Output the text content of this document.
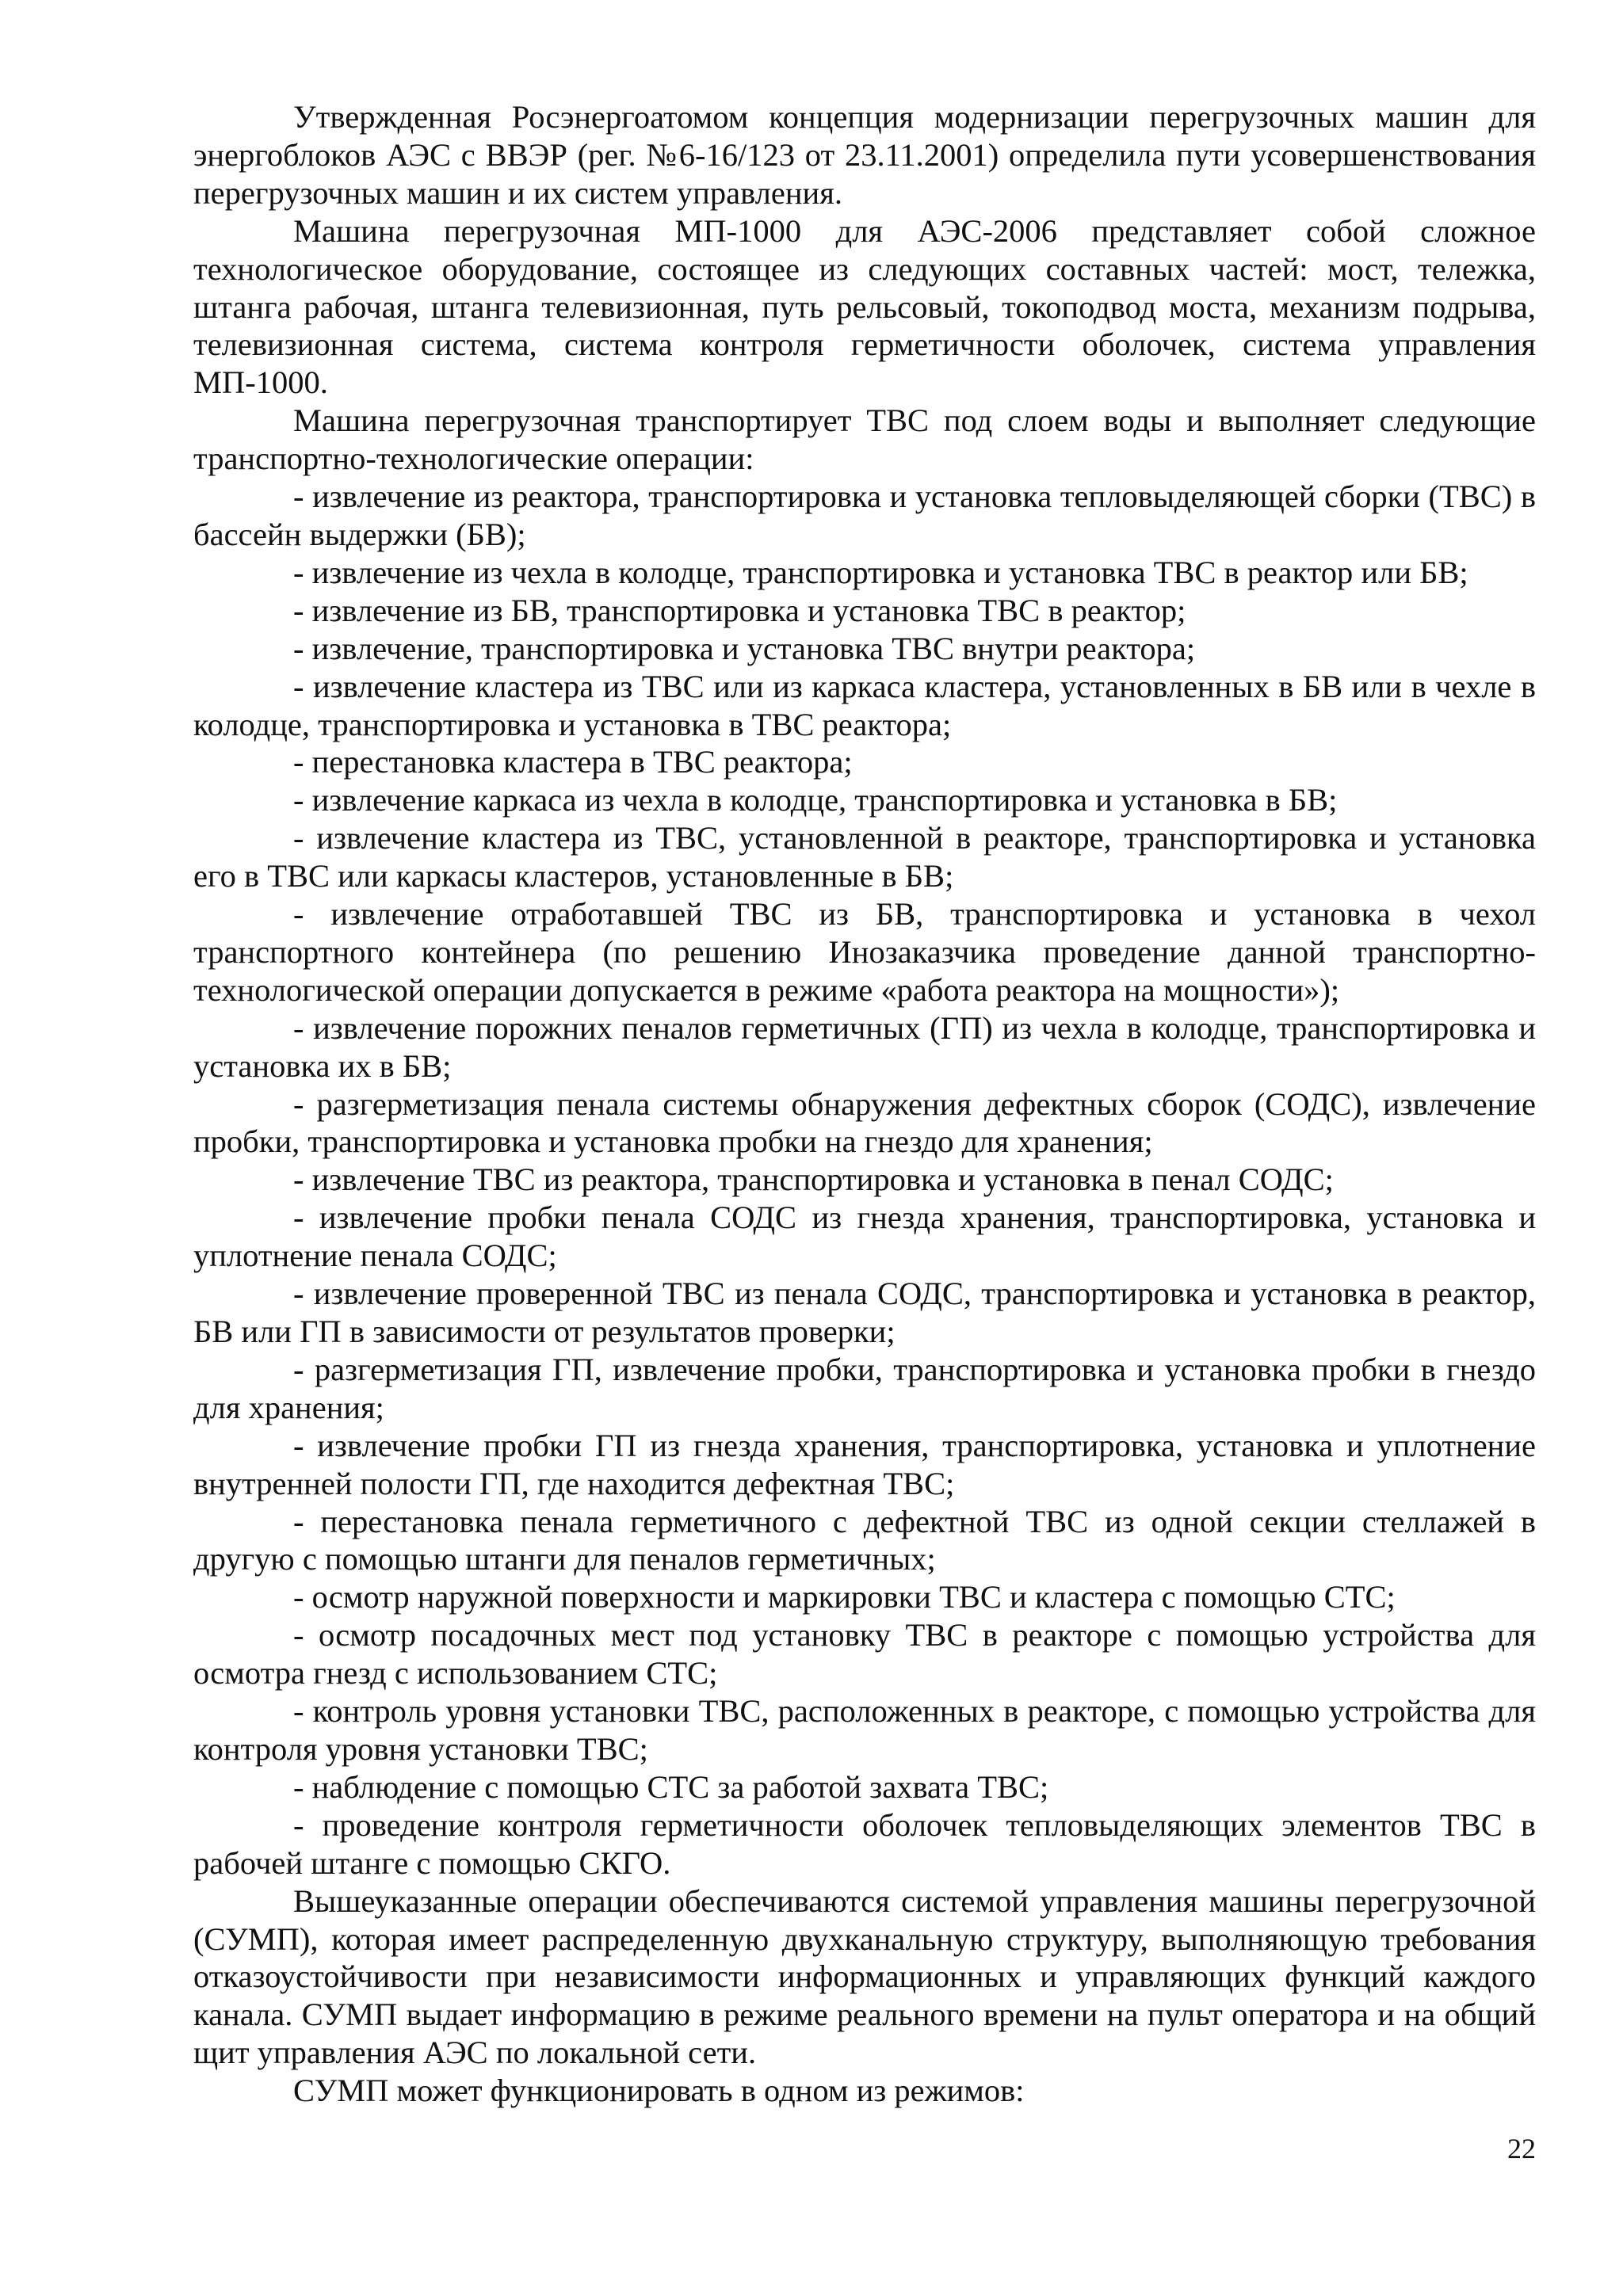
Утвержденная Росэнергоатомом концепция модернизации перегрузочных машин для энергоблоков АЭС с ВВЭР (рег. №6-16/123 от 23.11.2001) определила пути усовершенствования перегрузочных машин и их систем управления.

Машина перегрузочная МП-1000 для АЭС-2006 представляет собой сложное технологическое оборудование, состоящее из следующих составных частей: мост, тележка, штанга рабочая, штанга телевизионная, путь рельсовый, токоподвод моста, механизм подрыва, телевизионная система, система контроля герметичности оболочек, система управления МП-1000.

Машина перегрузочная транспортирует ТВС под слоем воды и выполняет следующие транспортно-технологические операции:

- извлечение из реактора, транспортировка и установка тепловыделяющей сборки (ТВС) в бассейн выдержки (БВ);

- извлечение из чехла в колодце, транспортировка и установка ТВС в реактор или БВ;

- извлечение из БВ, транспортировка и установка ТВС в реактор;

- извлечение, транспортировка и установка ТВС внутри реактора;

- извлечение кластера из ТВС или из каркаса кластера, установленных в БВ или в чехле в колодце, транспортировка и установка в ТВС реактора;

- перестановка кластера в ТВС реактора;

- извлечение каркаса из чехла в колодце, транспортировка и установка в БВ;

- извлечение кластера из ТВС, установленной в реакторе, транспортировка и установка его в ТВС или каркасы кластеров, установленные в БВ;

- извлечение отработавшей ТВС из БВ, транспортировка и установка в чехол транспортного контейнера (по решению Инозаказчика проведение данной транспортно-технологической операции допускается в режиме «работа реактора на мощности»);

- извлечение порожних пеналов герметичных (ГП) из чехла в колодце, транспортировка и установка их в БВ;

- разгерметизация пенала системы обнаружения дефектных сборок (СОДС), извлечение пробки, транспортировка и установка пробки на гнездо для хранения;

- извлечение ТВС из реактора, транспортировка и установка в пенал СОДС;

- извлечение пробки пенала СОДС из гнезда хранения, транспортировка, установка и уплотнение пенала СОДС;

- извлечение проверенной ТВС из пенала СОДС, транспортировка и установка в реактор, БВ или ГП в зависимости от результатов проверки;

- разгерметизация ГП, извлечение пробки, транспортировка и установка пробки в гнездо для хранения;

- извлечение пробки ГП из гнезда хранения, транспортировка, установка и уплотнение внутренней полости ГП, где находится дефектная ТВС;

- перестановка пенала герметичного с дефектной ТВС из одной секции стеллажей в другую с помощью штанги для пеналов герметичных;

- осмотр наружной поверхности и маркировки ТВС и кластера с помощью СТС;

- осмотр посадочных мест под установку ТВС в реакторе с помощью устройства для осмотра гнезд с использованием СТС;

- контроль уровня установки ТВС, расположенных в реакторе, с помощью устройства для контроля уровня установки ТВС;

- наблюдение с помощью СТС за работой захвата ТВС;

- проведение контроля герметичности оболочек тепловыделяющих элементов ТВС в рабочей штанге с помощью СКГО.

Вышеуказанные операции обеспечиваются системой управления машины перегрузочной (СУМП), которая имеет распределенную двухканальную структуру, выполняющую требования отказоустойчивости при независимости информационных и управляющих функций каждого канала. СУМП выдает информацию в режиме реального времени на пульт оператора и на общий щит управления АЭС по локальной сети.

СУМП может функционировать в одном из режимов:

22
